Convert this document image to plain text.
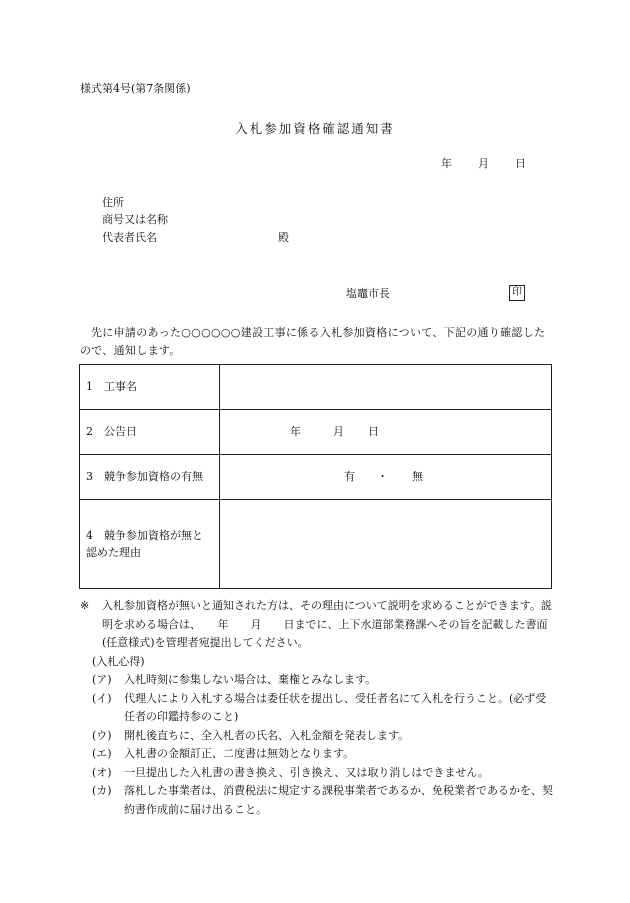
様式第4号(第7条関係)
入札参加資格確認通知書
年 月 日
住所
商号又は名称
代表者氏名	殿
塩竈市長	印
先に申請のあった○○○○○○建設工事に係る入札参加資格について、下記の通り確認したので、通知します。
1　工事名	
2　公告日	年 月 日
3　競争参加資格の有無	有 ・ 無
4　競争参加資格が無と認めた理由	
※	入札参加資格が無いと通知された方は、その理由について説明を求めることができます。説明を求める場合は、　　年　　月　　日までに、上下水道部業務課へその旨を記載した書面(任意様式)を管理者宛提出してください。
(入札心得)
(ア) 入札時刻に参集しない場合は、棄権とみなします。
(イ) 代理人により入札する場合は委任状を提出し、受任者名にて入札を行うこと。(必ず受任者の印鑑持参のこと)
(ウ) 開札後直ちに、全入札者の氏名、入札金額を発表します。
(エ) 入札書の金額訂正、二度書は無効となります。
(オ) 一旦提出した入札書の書き換え、引き換え、又は取り消しはできません。
(カ) 落札した事業者は、消費税法に規定する課税事業者であるか、免税業者であるかを、契約書作成前に届け出ること。
